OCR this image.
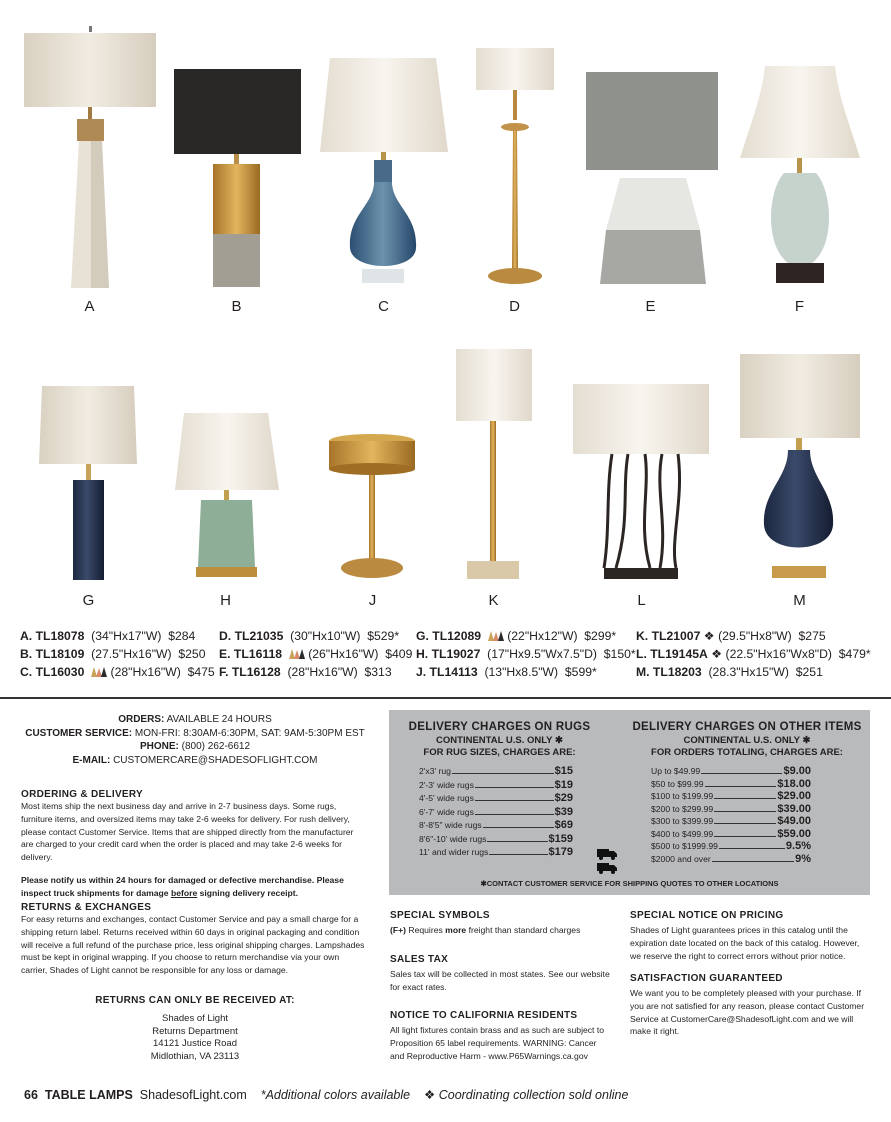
A	B	C	D	E	F
G	H	J	K	L	M
A. TL18078 (34"Hx17"W) $284
B. TL18109 (27.5"Hx16"W) $250
C. TL16030 (28"Hx16"W) $475
D. TL21035 (30"Hx10"W) $529*
E. TL16118 (26"Hx16"W) $409
F. TL16128 (28"Hx16"W) $313
G. TL12089 (22"Hx12"W) $299*
H. TL19027 (17"Hx9.5"Wx7.5"D) $150*
J. TL14113 (13"Hx8.5"W) $599*
K. TL21007 ❖ (29.5"Hx8"W) $275
L. TL19145A ❖ (22.5"Hx16"Wx8"D) $479*
M. TL18203 (28.3"Hx15"W) $251
ORDERS: AVAILABLE 24 HOURS
CUSTOMER SERVICE: MON-FRI: 8:30AM-6:30PM, SAT: 9AM-5:30PM EST
PHONE: (800) 262-6612
E-MAIL: CUSTOMERCARE@SHADESOFLIGHT.COM
ORDERING & DELIVERY
Most items ship the next business day and arrive in 2-7 business days. Some rugs, furniture items, and oversized items may take 2-6 weeks for delivery. For rush delivery, please contact Customer Service. Items that are shipped directly from the manufacturer are charged to your credit card when the order is placed and may take 2-6 weeks for delivery.
Please notify us within 24 hours for damaged or defective merchandise. Please inspect truck shipments for damage before signing delivery receipt.
RETURNS & EXCHANGES
For easy returns and exchanges, contact Customer Service and pay a small charge for a shipping return label. Returns received within 60 days in original packaging and condition will receive a full refund of the purchase price, less original shipping charges. Lampshades must be kept in original wrapping. If you choose to return merchandise via your own carrier, Shades of Light cannot be responsible for any loss or damage.
RETURNS CAN ONLY BE RECEIVED AT:
Shades of Light
Returns Department
14121 Justice Road
Midlothian, VA 23113
DELIVERY CHARGES ON RUGS
CONTINENTAL U.S. ONLY ✱
FOR RUG SIZES, CHARGES ARE:
2'x3' rug	$15
2'-3' wide rugs	$19
4'-5' wide rugs	$29
6'-7' wide rugs	$39
8'-8'5" wide rugs	$69
8'6"-10' wide rugs	$159
11' and wider rugs	$179
DELIVERY CHARGES ON OTHER ITEMS
CONTINENTAL U.S. ONLY ✱
FOR ORDERS TOTALING, CHARGES ARE:
Up to $49.99	$9.00
$50 to $99.99	$18.00
$100 to $199.99	$29.00
$200 to $299.99	$39.00
$300 to $399.99	$49.00
$400 to $499.99	$59.00
$500 to $1999.99	9.5%
$2000 and over	9%
✱CONTACT CUSTOMER SERVICE FOR SHIPPING QUOTES TO OTHER LOCATIONS
SPECIAL SYMBOLS
(F+) Requires more freight than standard charges
SALES TAX
Sales tax will be collected in most states. See our website for exact rates.
NOTICE TO CALIFORNIA RESIDENTS
All light fixtures contain brass and as such are subject to Proposition 65 label requirements. WARNING: Cancer and Reproductive Harm - www.P65Warnings.ca.gov
SPECIAL NOTICE ON PRICING
Shades of Light guarantees prices in this catalog until the expiration date located on the back of this catalog. However, we reserve the right to correct errors without prior notice.
SATISFACTION GUARANTEED
We want you to be completely pleased with your purchase. If you are not satisfied for any reason, please contact Customer Service at CustomerCare@ShadesofLight.com and we will make it right.
66 TABLE LAMPS ShadesofLight.com *Additional colors available ❖ Coordinating collection sold online
